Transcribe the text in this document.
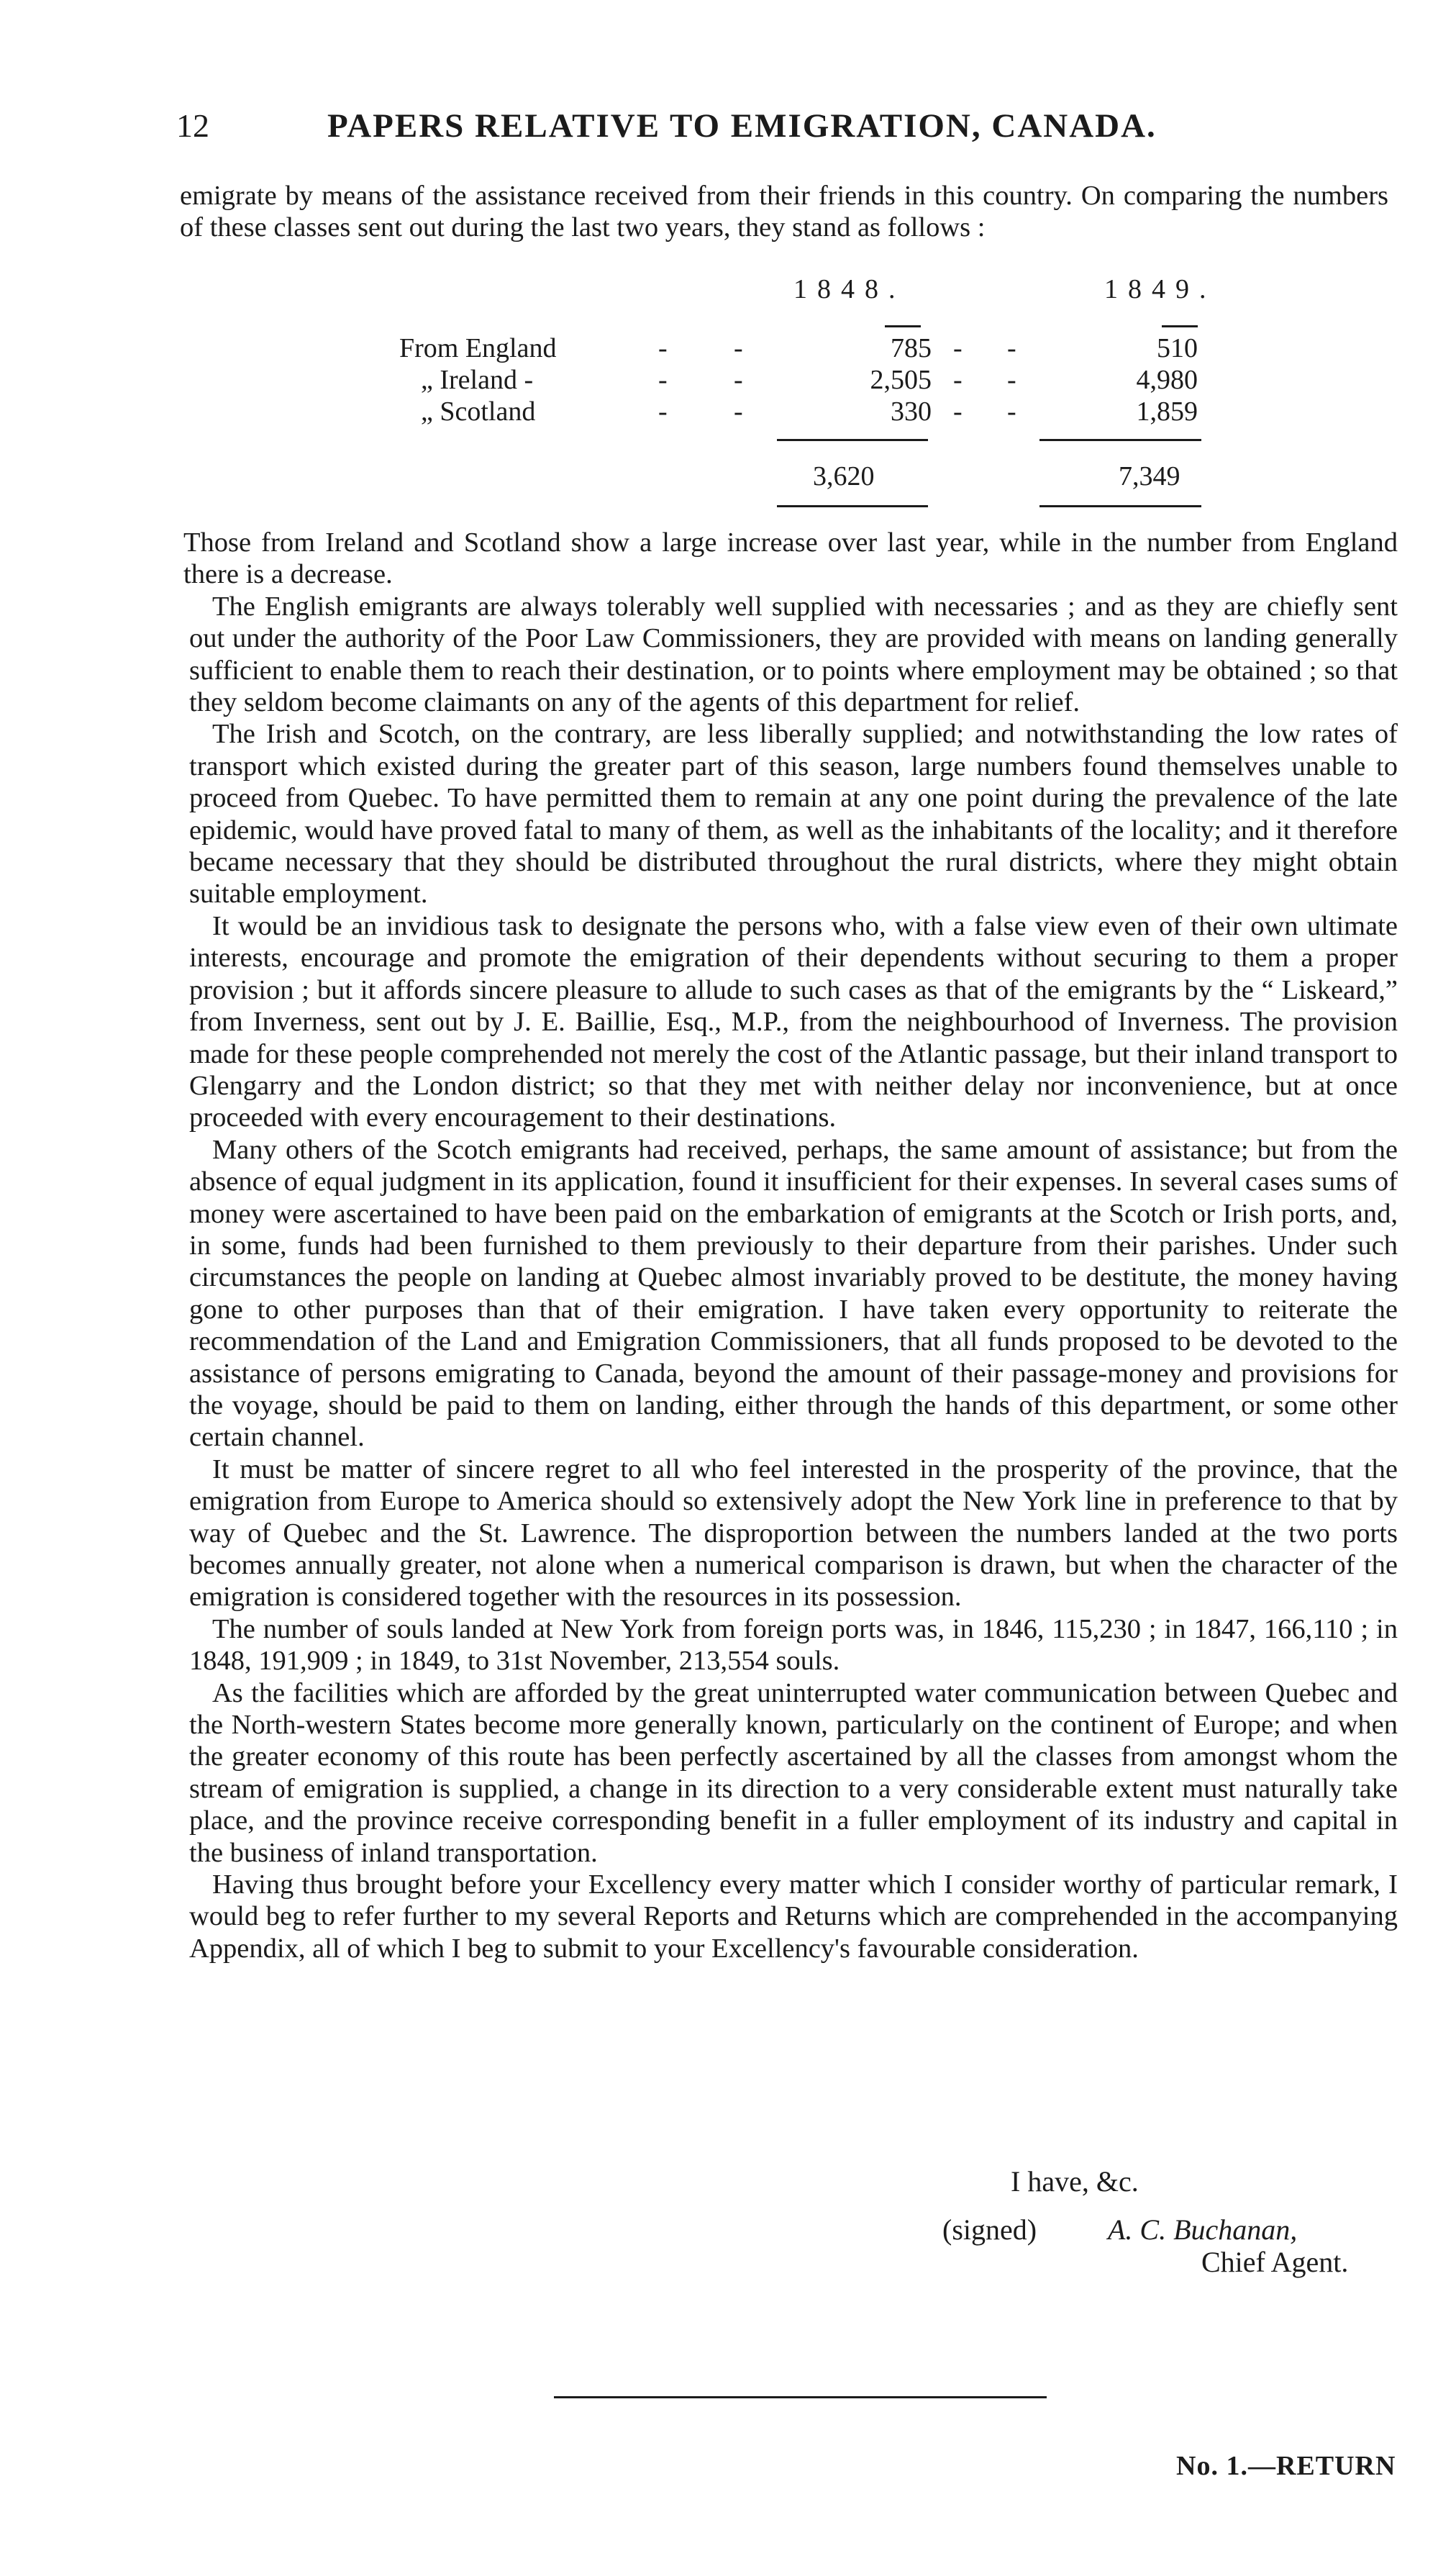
12	PAPERS RELATIVE TO EMIGRATION, CANADA.

emigrate by means of the assistance received from their friends in this country. On comparing the numbers of these classes sent out during the last two years, they stand as follows :

1848.	1849.
From England	- -	785 - -	510
„ Ireland -	- -	2,505 - -	4,980
„ Scotland	- -	330 - -	1,859
3,620	7,349

Those from Ireland and Scotland show a large increase over last year, while in the number from England there is a decrease.

The English emigrants are always tolerably well supplied with necessaries ; and as they are chiefly sent out under the authority of the Poor Law Commissioners, they are provided with means on landing generally sufficient to enable them to reach their destination, or to points where employment may be obtained ; so that they seldom become claimants on any of the agents of this department for relief.

The Irish and Scotch, on the contrary, are less liberally supplied; and notwithstanding the low rates of transport which existed during the greater part of this season, large numbers found themselves unable to proceed from Quebec. To have permitted them to remain at any one point during the prevalence of the late epidemic, would have proved fatal to many of them, as well as the inhabitants of the locality; and it therefore became necessary that they should be distributed throughout the rural districts, where they might obtain suitable employment.

It would be an invidious task to designate the persons who, with a false view even of their own ultimate interests, encourage and promote the emigration of their dependents without securing to them a proper provision ; but it affords sincere pleasure to allude to such cases as that of the emigrants by the “ Liskeard,” from Inverness, sent out by J. E. Baillie, Esq., M.P., from the neighbourhood of Inverness. The provision made for these people comprehended not merely the cost of the Atlantic passage, but their inland transport to Glengarry and the London district; so that they met with neither delay nor inconvenience, but at once proceeded with every encouragement to their destinations.

Many others of the Scotch emigrants had received, perhaps, the same amount of assistance; but from the absence of equal judgment in its application, found it insufficient for their expenses. In several cases sums of money were ascertained to have been paid on the embarkation of emigrants at the Scotch or Irish ports, and, in some, funds had been furnished to them previously to their departure from their parishes. Under such circumstances the people on landing at Quebec almost invariably proved to be destitute, the money having gone to other purposes than that of their emigration. I have taken every opportunity to reiterate the recommendation of the Land and Emigration Commissioners, that all funds proposed to be devoted to the assistance of persons emigrating to Canada, beyond the amount of their passage-money and provisions for the voyage, should be paid to them on landing, either through the hands of this department, or some other certain channel.

It must be matter of sincere regret to all who feel interested in the prosperity of the province, that the emigration from Europe to America should so extensively adopt the New York line in preference to that by way of Quebec and the St. Lawrence. The disproportion between the numbers landed at the two ports becomes annually greater, not alone when a numerical comparison is drawn, but when the character of the emigration is considered together with the resources in its possession.

The number of souls landed at New York from foreign ports was, in 1846, 115,230 ; in 1847, 166,110 ; in 1848, 191,909 ; in 1849, to 31st November, 213,554 souls.

As the facilities which are afforded by the great uninterrupted water communication between Quebec and the North-western States become more generally known, particularly on the continent of Europe; and when the greater economy of this route has been perfectly ascertained by all the classes from amongst whom the stream of emigration is supplied, a change in its direction to a very considerable extent must naturally take place, and the province receive corresponding benefit in a fuller employment of its industry and capital in the business of inland transportation.

Having thus brought before your Excellency every matter which I consider worthy of particular remark, I would beg to refer further to my several Reports and Returns which are comprehended in the accompanying Appendix, all of which I beg to submit to your Excellency's favourable consideration.

I have, &c.
(signed) A. C. Buchanan,
Chief Agent.
No. 1.—RETURN
